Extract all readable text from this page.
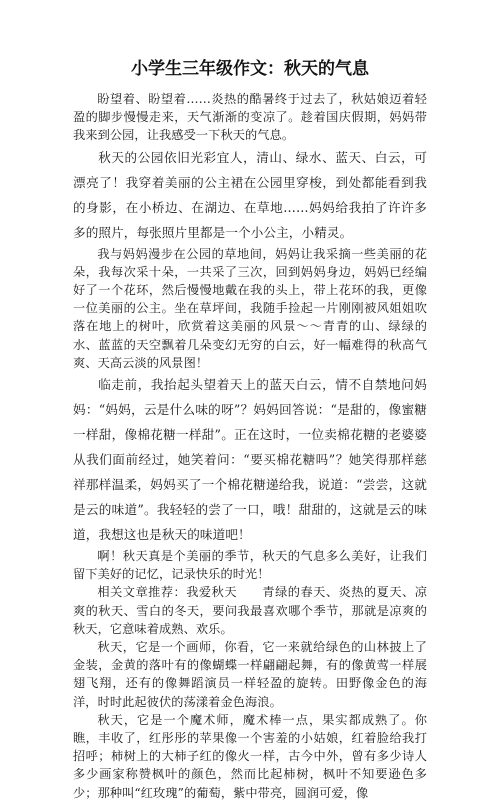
小学生三年级作文：秋天的气息

盼望着、盼望着……炎热的酷暑终于过去了，秋姑娘迈着轻盈的脚步慢慢走来，天气渐渐的变凉了。趁着国庆假期，妈妈带我来到公园，让我感受一下秋天的气息。

秋天的公园依旧光彩宜人，清山、绿水、蓝天、白云，可漂亮了！我穿着美丽的公主裙在公园里穿梭，到处都能看到我的身影，在小桥边、在湖边、在草地……妈妈给我拍了许许多多的照片，每张照片里都是一个小公主，小精灵。

我与妈妈漫步在公园的草地间，妈妈让我采摘一些美丽的花朵，我每次采十朵，一共采了三次，回到妈妈身边，妈妈已经编好了一个花环，然后慢慢地戴在我的头上，带上花环的我，更像一位美丽的公主。坐在草坪间，我随手捡起一片刚刚被风姐姐吹落在地上的树叶，欣赏着这美丽的风景～～青青的山、绿绿的水、蓝蓝的天空飘着几朵变幻无穷的白云，好一幅难得的秋高气爽、天高云淡的风景图！

临走前，我抬起头望着天上的蓝天白云，情不自禁地问妈妈：“妈妈，云是什么味的呀”？妈妈回答说：“是甜的，像蜜糖一样甜，像棉花糖一样甜”。正在这时，一位卖棉花糖的老婆婆从我们面前经过，她笑着问：“要买棉花糖吗”？她笑得那样慈祥那样温柔，妈妈买了一个棉花糖递给我，说道：“尝尝，这就是云的味道”。我轻轻的尝了一口，哦！甜甜的，这就是云的味道，我想这也是秋天的味道吧！

啊！秋天真是个美丽的季节，秋天的气息多么美好，让我们留下美好的记忆，记录快乐的时光！

相关文章推荐：我爱秋天　　青绿的春天、炎热的夏天、凉爽的秋天、雪白的冬天，要问我最喜欢哪个季节，那就是凉爽的秋天，它意味着成熟、欢乐。

秋天，它是一个画师，你看，它一来就给绿色的山林披上了金装，金黄的落叶有的像蝴蝶一样翩翩起舞，有的像黄莺一样展翅飞翔，还有的像舞蹈演员一样轻盈的旋转。田野像金色的海洋，时时此起彼伏的荡漾着金色海浪。

秋天，它是一个魔术师，魔术棒一点，果实都成熟了。你瞧，丰收了，红彤彤的苹果像一个害羞的小姑娘，红着脸给我打招呼；柿树上的大柿子红的像火一样，古今中外，曾有多少诗人多少画家称赞枫叶的颜色，然而比起柿树，枫叶不知要逊色多少；那种叫“红玫瑰”的葡萄，紫中带亮，圆润可爱，像
